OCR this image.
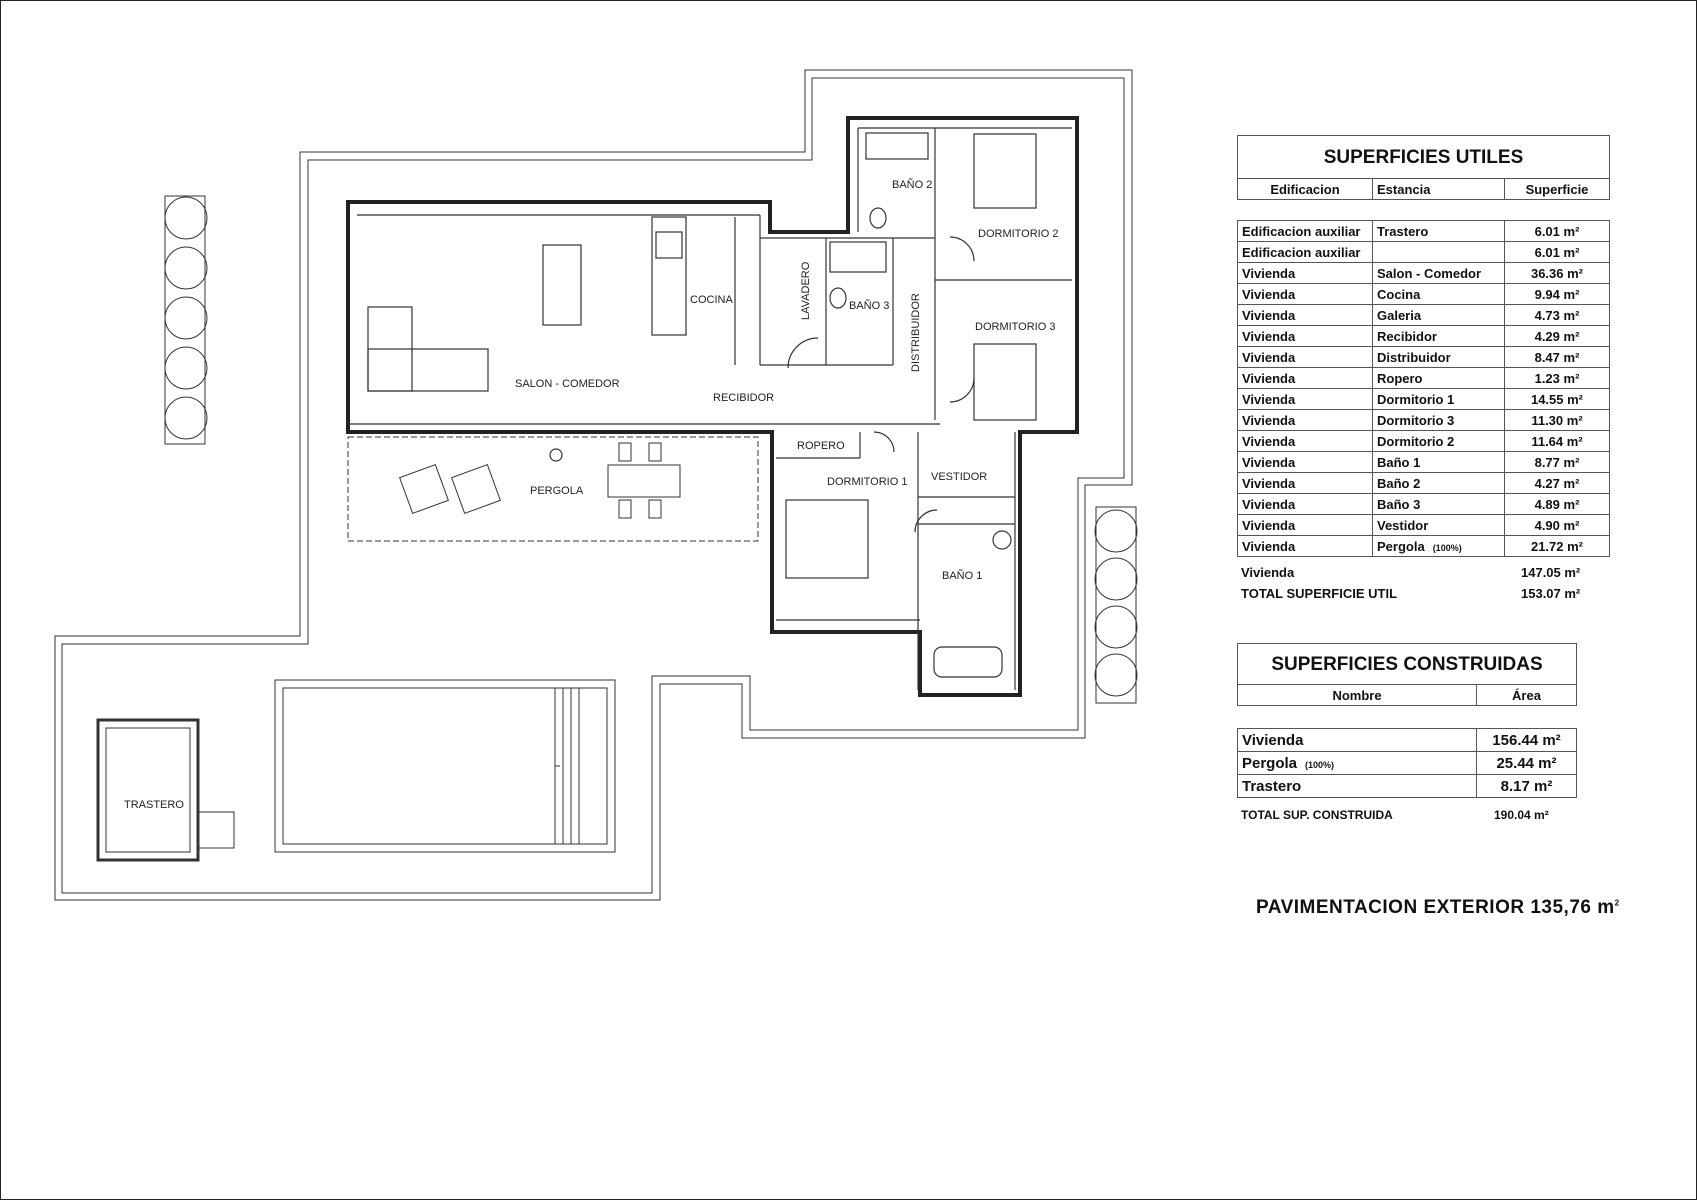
BAÑO 2
DORMITORIO 2
DORMITORIO 3
COCINA	LAVADERO	BAÑO 3 DISTRIBUIDOR
SALON - COMEDOR
RECIBIDOR
ROPERO
VESTIDOR
PERGOLA
DORMITORIO 1
BAÑO 1
TRASTERO
SUPERFICIES UTILES
Edificacion	Estancia	Superficie
Edificacion auxiliar	Trastero	6.01 m²
Edificacion auxiliar		6.01 m²
Vivienda	Salon - Comedor	36.36 m²
Vivienda	Cocina	9.94 m²
Vivienda	Galeria	4.73 m²
Vivienda	Recibidor	4.29 m²
Vivienda	Distribuidor	8.47 m²
Vivienda	Ropero	1.23 m²
Vivienda	Dormitorio 1	14.55 m²
Vivienda	Dormitorio 3	11.30 m²
Vivienda	Dormitorio 2	11.64 m²
Vivienda	Baño 1	8.77 m²
Vivienda	Baño 2	4.27 m²
Vivienda	Baño 3	4.89 m²
Vivienda	Vestidor	4.90 m²
Vivienda	Pergola (100%)	21.72 m²
Vivienda	147.05 m²
TOTAL SUPERFICIE UTIL	153.07 m²
SUPERFICIES CONSTRUIDAS
Nombre	Área
Vivienda	156.44 m²
Pergola (100%)	25.44 m²
Trastero	8.17 m²
TOTAL SUP. CONSTRUIDA	190.04 m²
PAVIMENTACION EXTERIOR 135,76 $m^2$
